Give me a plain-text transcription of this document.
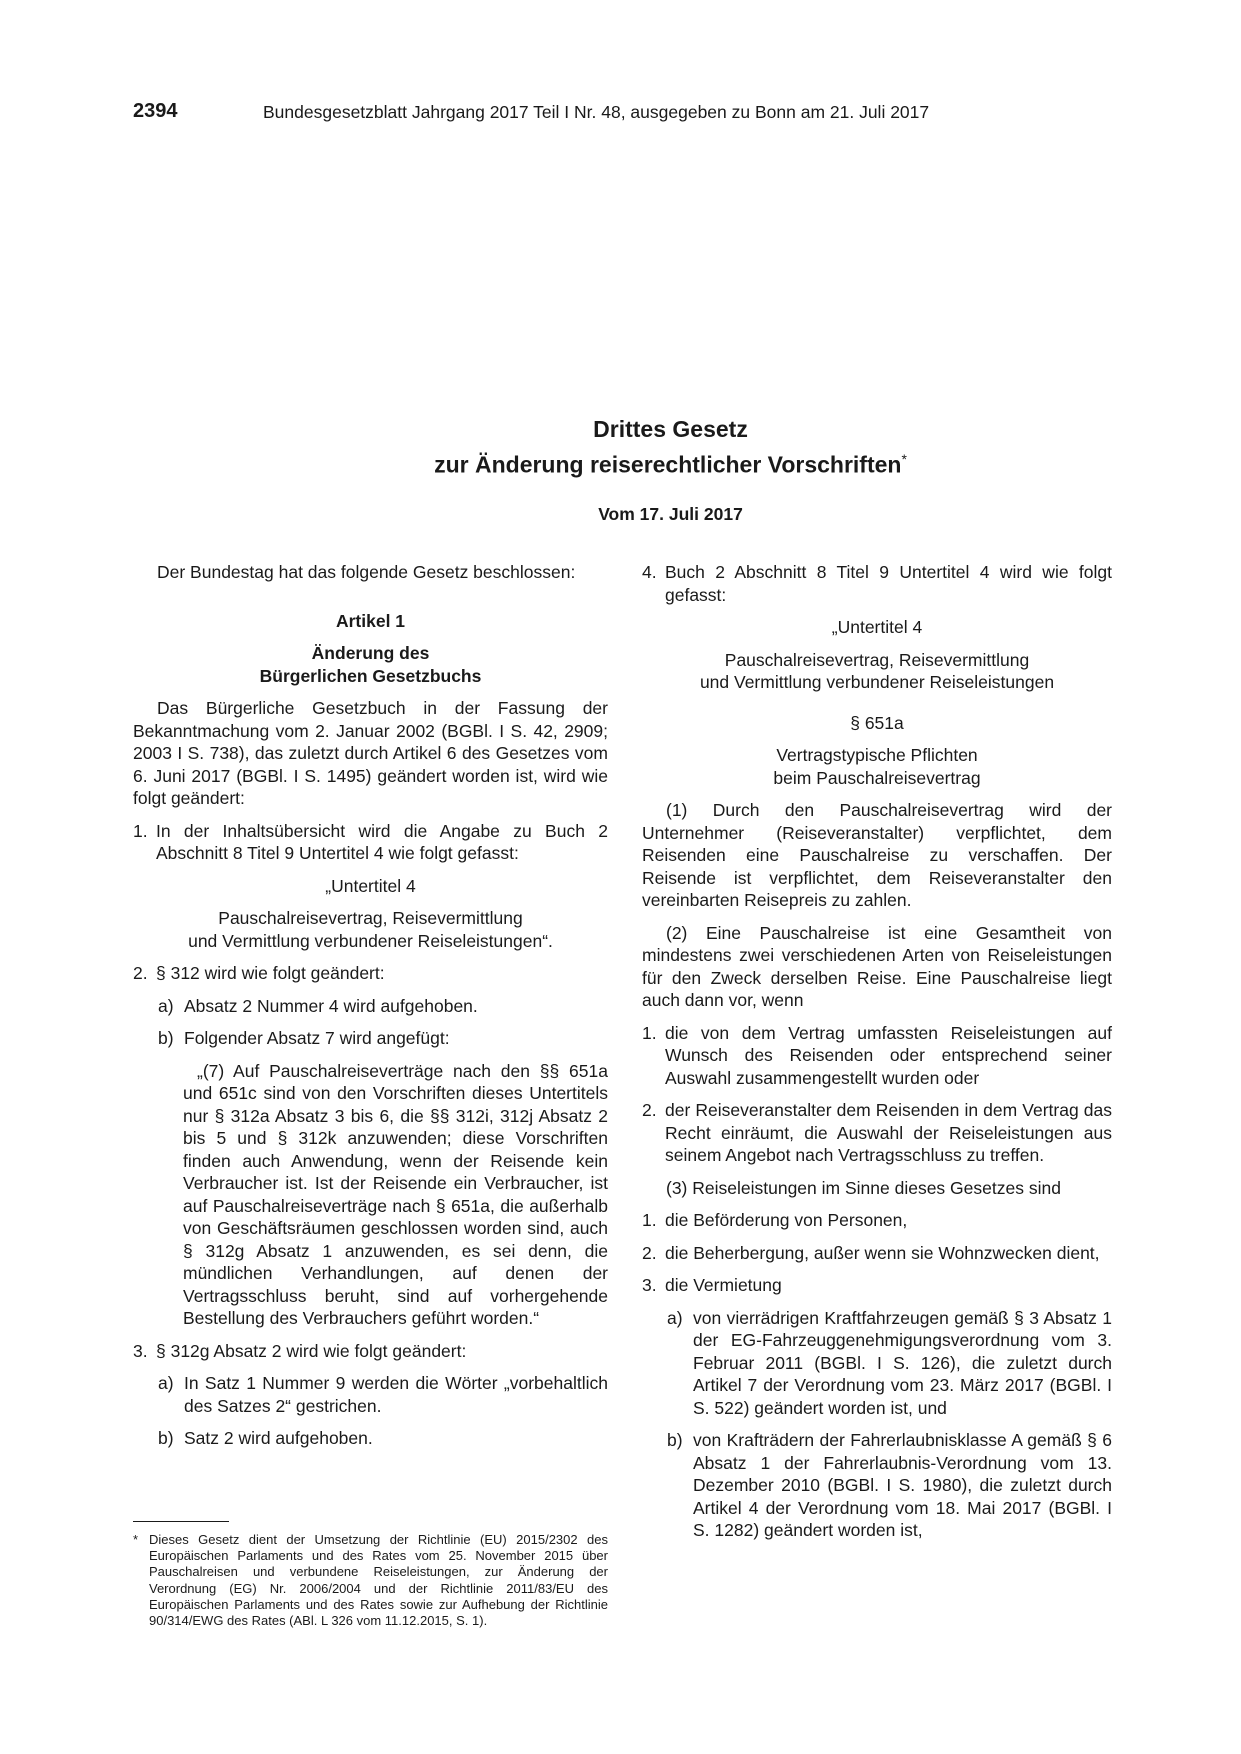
2394	Bundesgesetzblatt Jahrgang 2017 Teil I Nr. 48, ausgegeben zu Bonn am 21. Juli 2017
Drittes Gesetz
zur Änderung reiserechtlicher Vorschriften*
Vom 17. Juli 2017

Der Bundestag hat das folgende Gesetz beschlossen:

Artikel 1

Änderung des

Bürgerlichen Gesetzbuchs

Das Bürgerliche Gesetzbuch in der Fassung der Bekanntmachung vom 2. Januar 2002 (BGBl. I S. 42, 2909; 2003 I S. 738), das zuletzt durch Artikel 6 des Gesetzes vom 6. Juni 2017 (BGBl. I S. 1495) geändert worden ist, wird wie folgt geändert:

1. In der Inhaltsübersicht wird die Angabe zu Buch 2 Abschnitt 8 Titel 9 Untertitel 4 wie folgt gefasst:

„Untertitel 4

Pauschalreisevertrag, Reisevermittlung

und Vermittlung verbundener Reiseleistungen“.

2. § 312 wird wie folgt geändert:
a) Absatz 2 Nummer 4 wird aufgehoben.
b) Folgender Absatz 7 wird angefügt:

„(7) Auf Pauschalreiseverträge nach den §§ 651a und 651c sind von den Vorschriften dieses Untertitels nur § 312a Absatz 3 bis 6, die §§ 312i, 312j Absatz 2 bis 5 und § 312k anzuwenden; diese Vorschriften finden auch Anwendung, wenn der Reisende kein Verbraucher ist. Ist der Reisende ein Verbraucher, ist auf Pauschalreiseverträge nach § 651a, die außerhalb von Geschäftsräumen geschlossen worden sind, auch § 312g Absatz 1 anzuwenden, es sei denn, die mündlichen Verhandlungen, auf denen der Vertragsschluss beruht, sind auf vorhergehende Bestellung des Verbrauchers geführt worden.“

3. § 312g Absatz 2 wird wie folgt geändert:
a) In Satz 1 Nummer 9 werden die Wörter „vorbehaltlich des Satzes 2“ gestrichen.
b) Satz 2 wird aufgehoben.
* Dieses Gesetz dient der Umsetzung der Richtlinie (EU) 2015/2302 des Europäischen Parlaments und des Rates vom 25. November 2015 über Pauschalreisen und verbundene Reiseleistungen, zur Änderung der Verordnung (EG) Nr. 2006/2004 und der Richtlinie 2011/83/EU des Europäischen Parlaments und des Rates sowie zur Aufhebung der Richtlinie 90/314/EWG des Rates (ABl. L 326 vom 11.12.2015, S. 1).
4. Buch 2 Abschnitt 8 Titel 9 Untertitel 4 wird wie folgt gefasst:

„Untertitel 4

Pauschalreisevertrag, Reisevermittlung

und Vermittlung verbundener Reiseleistungen

§ 651a

Vertragstypische Pflichten

beim Pauschalreisevertrag

(1) Durch den Pauschalreisevertrag wird der Unternehmer (Reiseveranstalter) verpflichtet, dem Reisenden eine Pauschalreise zu verschaffen. Der Reisende ist verpflichtet, dem Reiseveranstalter den vereinbarten Reisepreis zu zahlen.

(2) Eine Pauschalreise ist eine Gesamtheit von mindestens zwei verschiedenen Arten von Reiseleistungen für den Zweck derselben Reise. Eine Pauschalreise liegt auch dann vor, wenn

1. die von dem Vertrag umfassten Reiseleistungen auf Wunsch des Reisenden oder entsprechend seiner Auswahl zusammengestellt wurden oder
2. der Reiseveranstalter dem Reisenden in dem Vertrag das Recht einräumt, die Auswahl der Reiseleistungen aus seinem Angebot nach Vertragsschluss zu treffen.

(3) Reiseleistungen im Sinne dieses Gesetzes sind

1. die Beförderung von Personen,
2. die Beherbergung, außer wenn sie Wohnzwecken dient,
3. die Vermietung
a) von vierrädrigen Kraftfahrzeugen gemäß § 3 Absatz 1 der EG-Fahrzeuggenehmigungsverordnung vom 3. Februar 2011 (BGBl. I S. 126), die zuletzt durch Artikel 7 der Verordnung vom 23. März 2017 (BGBl. I S. 522) geändert worden ist, und
b) von Krafträdern der Fahrerlaubnisklasse A gemäß § 6 Absatz 1 der Fahrerlaubnis-Verordnung vom 13. Dezember 2010 (BGBl. I S. 1980), die zuletzt durch Artikel 4 der Verordnung vom 18. Mai 2017 (BGBl. I S. 1282) geändert worden ist,
